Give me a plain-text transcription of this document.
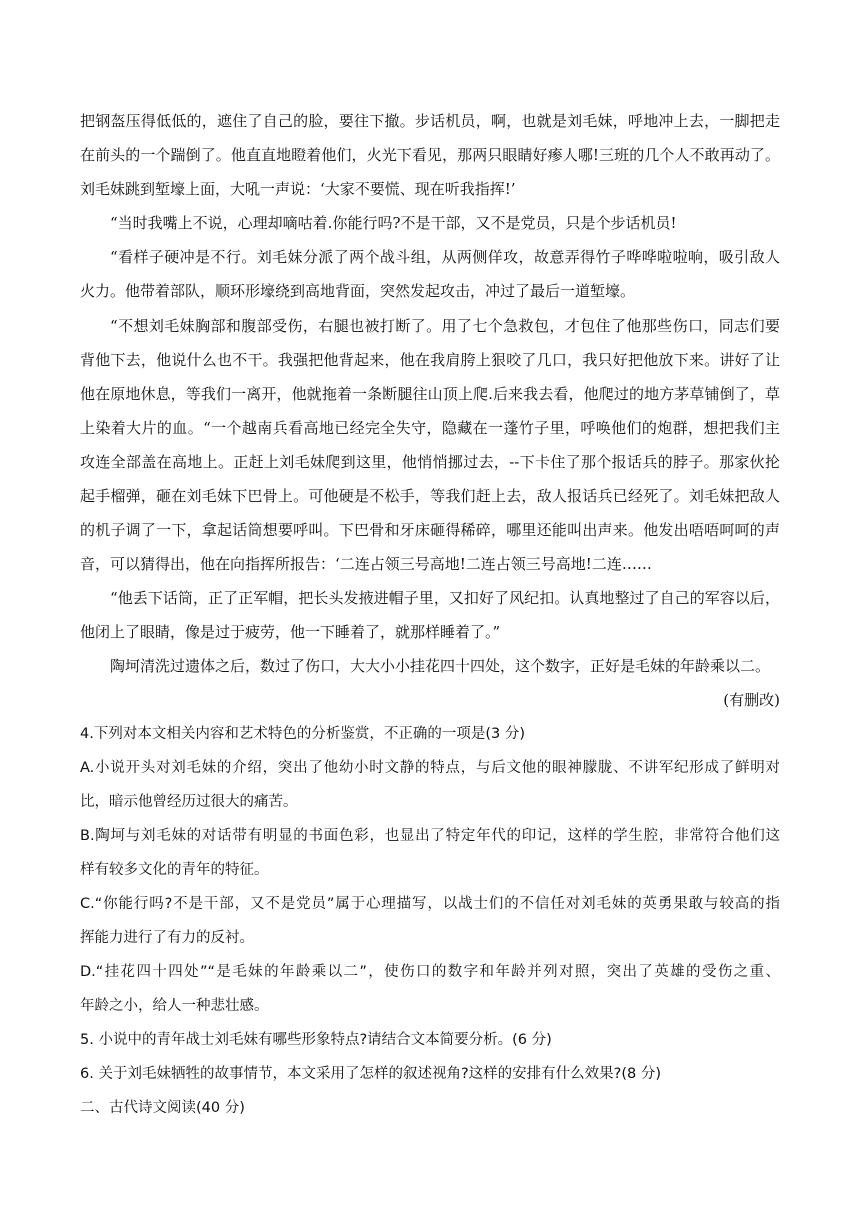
把钢盔压得低低的，遮住了自己的脸，要往下撤。步话机员，啊，也就是刘毛妹，呼地冲上去，一脚把走
在前头的一个踹倒了。他直直地瞪着他们，火光下看见，那两只眼睛好瘆人哪!三班的几个人不敢再动了。
刘毛妹跳到堑壕上面，大吼一声说：‘大家不要慌、现在听我指挥!’
“当时我嘴上不说，心理却嘀咕着.你能行吗?不是干部，又不是党员，只是个步话机员!
“看样子硬冲是不行。刘毛妹分派了两个战斗组，从两侧佯攻，故意弄得竹子哗哗啦啦响，吸引敌人
火力。他带着部队，顺环形壕绕到高地背面，突然发起攻击，冲过了最后一道堑壕。
“不想刘毛妹胸部和腹部受伤，右腿也被打断了。用了七个急救包，才包住了他那些伤口，同志们要
背他下去，他说什么也不干。我强把他背起来，他在我肩胯上狠咬了几口，我只好把他放下来。讲好了让
他在原地休息，等我们一离开，他就拖着一条断腿往山顶上爬.后来我去看，他爬过的地方茅草铺倒了，草
上染着大片的血。“一个越南兵看高地已经完全失守，隐藏在一蓬竹子里，呼唤他们的炮群，想把我们主
攻连全部盖在高地上。正赶上刘毛妹爬到这里，他悄悄挪过去，--下卡住了那个报话兵的脖子。那家伙抡
起手榴弹，砸在刘毛妹下巴骨上。可他硬是不松手，等我们赶上去，敌人报话兵已经死了。刘毛妹把敌人
的机子调了一下，拿起话筒想要呼叫。下巴骨和牙床砸得稀碎，哪里还能叫出声来。他发出唔唔呵呵的声
音，可以猜得出，他在向指挥所报告：‘二连占领三号高地!二连占领三号高地!二连……
“他丢下话筒，正了正军帽，把长头发掖进帽子里，又扣好了风纪扣。认真地整过了自己的军容以后，
他闭上了眼睛，像是过于疲劳，他一下睡着了，就那样睡着了。”
陶坷清洗过遗体之后，数过了伤口，大大小小挂花四十四处，这个数字，正好是毛妹的年龄乘以二。
(有删改)
4.下列对本文相关内容和艺术特色的分析鉴赏，不正确的一项是(3 分)
A.小说开头对刘毛妹的介绍，突出了他幼小时文静的特点，与后文他的眼神朦胧、不讲军纪形成了鲜明对
比，暗示他曾经历过很大的痛苦。
B.陶坷与刘毛妹的对话带有明显的书面色彩，也显出了特定年代的印记，这样的学生腔，非常符合他们这
样有较多文化的青年的特征。
C.“你能行吗?不是干部，又不是党员”属于心理描写，以战士们的不信任对刘毛妹的英勇果敢与较高的指
挥能力进行了有力的反衬。
D.“挂花四十四处”“是毛妹的年龄乘以二”，使伤口的数字和年龄并列对照，突出了英雄的受伤之重、
年龄之小，给人一种悲壮感。
5. 小说中的青年战士刘毛妹有哪些形象特点?请结合文本简要分析。(6 分)
6. 关于刘毛妹牺牲的故事情节，本文采用了怎样的叙述视角?这样的安排有什么效果?(8 分)
二、古代诗文阅读(40 分)
